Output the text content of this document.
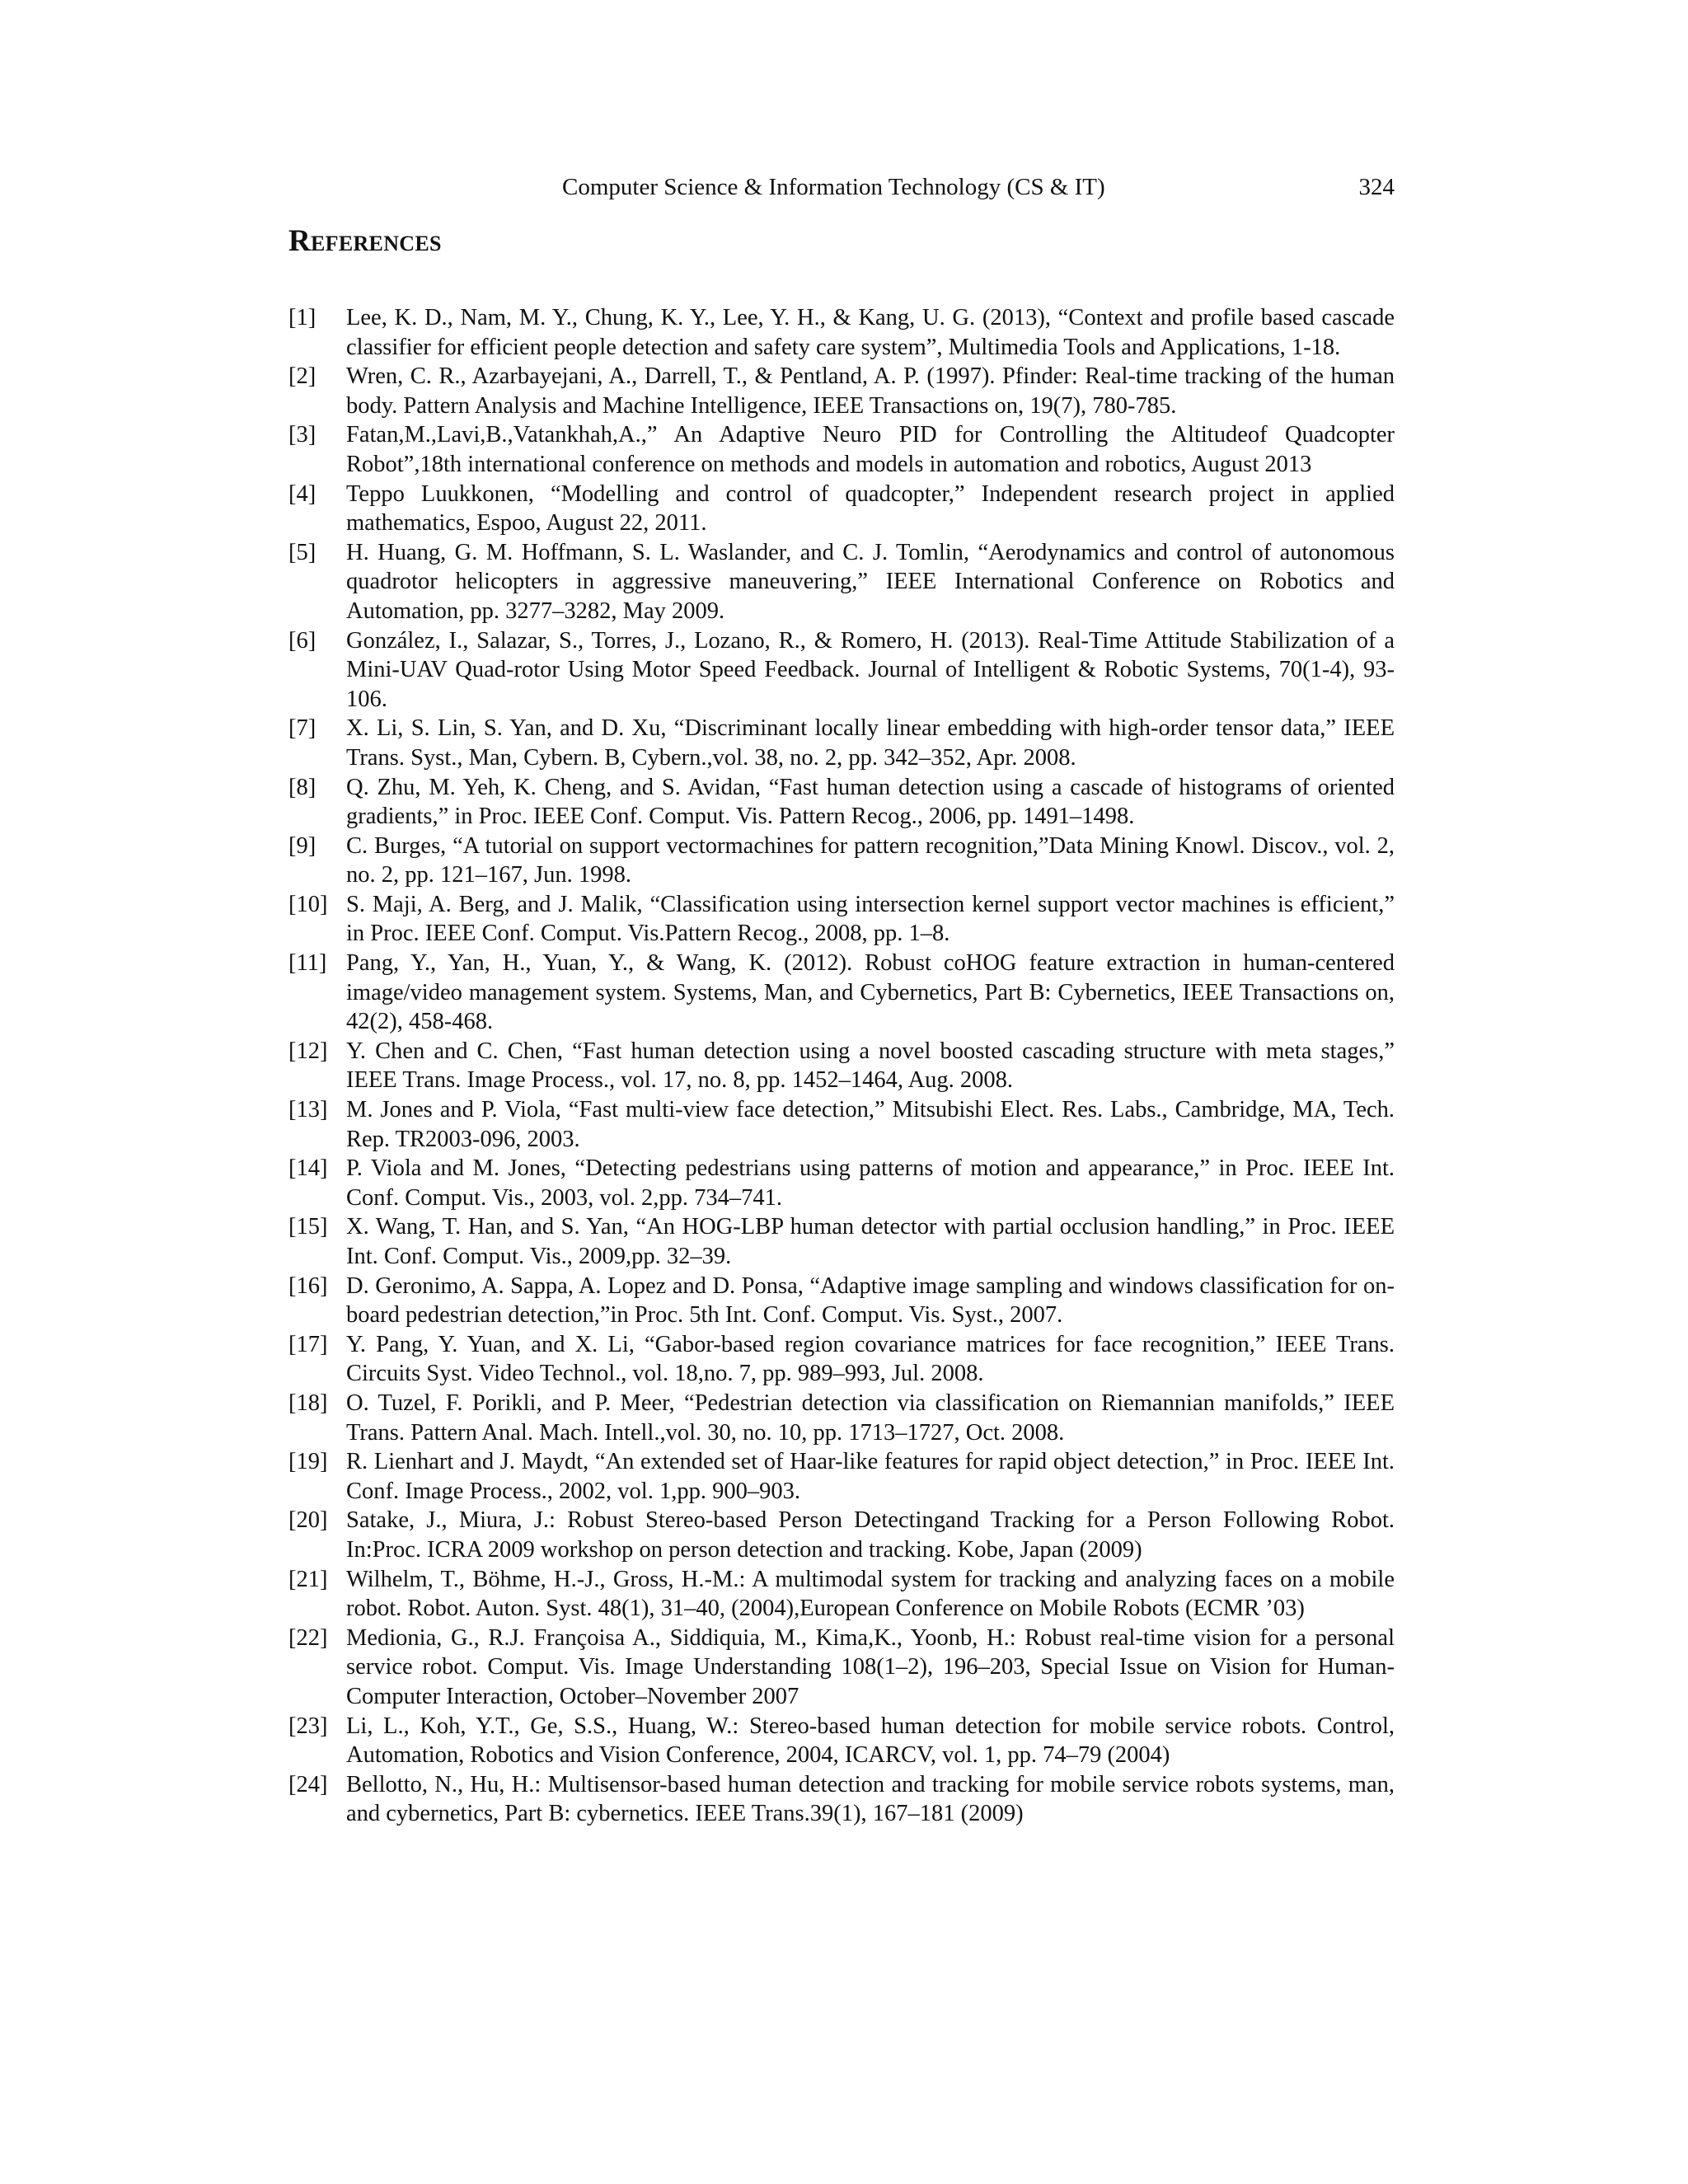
Computer Science & Information Technology (CS & IT)	324
References
[1] Lee, K. D., Nam, M. Y., Chung, K. Y., Lee, Y. H., & Kang, U. G. (2013), “Context and profile based cascade classifier for efficient people detection and safety care system”, Multimedia Tools and Applications, 1-18.
[2] Wren, C. R., Azarbayejani, A., Darrell, T., & Pentland, A. P. (1997). Pfinder: Real-time tracking of the human body. Pattern Analysis and Machine Intelligence, IEEE Transactions on, 19(7), 780-785.
[3] Fatan,M.,Lavi,B.,Vatankhah,A.,” An Adaptive Neuro PID for Controlling the Altitudeof Quadcopter Robot”,18th international conference on methods and models in automation and robotics, August 2013
[4] Teppo Luukkonen, “Modelling and control of quadcopter,” Independent research project in applied mathematics, Espoo, August 22, 2011.
[5] H. Huang, G. M. Hoffmann, S. L. Waslander, and C. J. Tomlin, “Aerodynamics and control of autonomous quadrotor helicopters in aggressive maneuvering,” IEEE International Conference on Robotics and Automation, pp. 3277–3282, May 2009.
[6] González, I., Salazar, S., Torres, J., Lozano, R., & Romero, H. (2013). Real-Time Attitude Stabilization of a Mini-UAV Quad-rotor Using Motor Speed Feedback. Journal of Intelligent & Robotic Systems, 70(1-4), 93-106.
[7] X. Li, S. Lin, S. Yan, and D. Xu, “Discriminant locally linear embedding with high-order tensor data,” IEEE Trans. Syst., Man, Cybern. B, Cybern.,vol. 38, no. 2, pp. 342–352, Apr. 2008.
[8] Q. Zhu, M. Yeh, K. Cheng, and S. Avidan, “Fast human detection using a cascade of histograms of oriented gradients,” in Proc. IEEE Conf. Comput. Vis. Pattern Recog., 2006, pp. 1491–1498.
[9] C. Burges, “A tutorial on support vectormachines for pattern recognition,”Data Mining Knowl. Discov., vol. 2, no. 2, pp. 121–167, Jun. 1998.
[10] S. Maji, A. Berg, and J. Malik, “Classification using intersection kernel support vector machines is efficient,” in Proc. IEEE Conf. Comput. Vis.Pattern Recog., 2008, pp. 1–8.
[11] Pang, Y., Yan, H., Yuan, Y., & Wang, K. (2012). Robust coHOG feature extraction in human-centered image/video management system. Systems, Man, and Cybernetics, Part B: Cybernetics, IEEE Transactions on, 42(2), 458-468.
[12] Y. Chen and C. Chen, “Fast human detection using a novel boosted cascading structure with meta stages,” IEEE Trans. Image Process., vol. 17, no. 8, pp. 1452–1464, Aug. 2008.
[13] M. Jones and P. Viola, “Fast multi-view face detection,” Mitsubishi Elect. Res. Labs., Cambridge, MA, Tech. Rep. TR2003-096, 2003.
[14] P. Viola and M. Jones, “Detecting pedestrians using patterns of motion and appearance,” in Proc. IEEE Int. Conf. Comput. Vis., 2003, vol. 2,pp. 734–741.
[15] X. Wang, T. Han, and S. Yan, “An HOG-LBP human detector with partial occlusion handling,” in Proc. IEEE Int. Conf. Comput. Vis., 2009,pp. 32–39.
[16] D. Geronimo, A. Sappa, A. Lopez and D. Ponsa, “Adaptive image sampling and windows classification for on-board pedestrian detection,”in Proc. 5th Int. Conf. Comput. Vis. Syst., 2007.
[17] Y. Pang, Y. Yuan, and X. Li, “Gabor-based region covariance matrices for face recognition,” IEEE Trans. Circuits Syst. Video Technol., vol. 18,no. 7, pp. 989–993, Jul. 2008.
[18] O. Tuzel, F. Porikli, and P. Meer, “Pedestrian detection via classification on Riemannian manifolds,” IEEE Trans. Pattern Anal. Mach. Intell.,vol. 30, no. 10, pp. 1713–1727, Oct. 2008.
[19] R. Lienhart and J. Maydt, “An extended set of Haar-like features for rapid object detection,” in Proc. IEEE Int. Conf. Image Process., 2002, vol. 1,pp. 900–903.
[20] Satake, J., Miura, J.: Robust Stereo-based Person Detectingand Tracking for a Person Following Robot. In:Proc. ICRA 2009 workshop on person detection and tracking. Kobe, Japan (2009)
[21] Wilhelm, T., Böhme, H.-J., Gross, H.-M.: A multimodal system for tracking and analyzing faces on a mobile robot. Robot. Auton. Syst. 48(1), 31–40, (2004),European Conference on Mobile Robots (ECMR ’03)
[22] Medionia, G., R.J. Françoisa A., Siddiquia, M., Kima,K., Yoonb, H.: Robust real-time vision for a personal service robot. Comput. Vis. Image Understanding 108(1–2), 196–203, Special Issue on Vision for Human-Computer Interaction, October–November 2007
[23] Li, L., Koh, Y.T., Ge, S.S., Huang, W.: Stereo-based human detection for mobile service robots. Control, Automation, Robotics and Vision Conference, 2004, ICARCV, vol. 1, pp. 74–79 (2004)
[24] Bellotto, N., Hu, H.: Multisensor-based human detection and tracking for mobile service robots systems, man, and cybernetics, Part B: cybernetics. IEEE Trans.39(1), 167–181 (2009)
